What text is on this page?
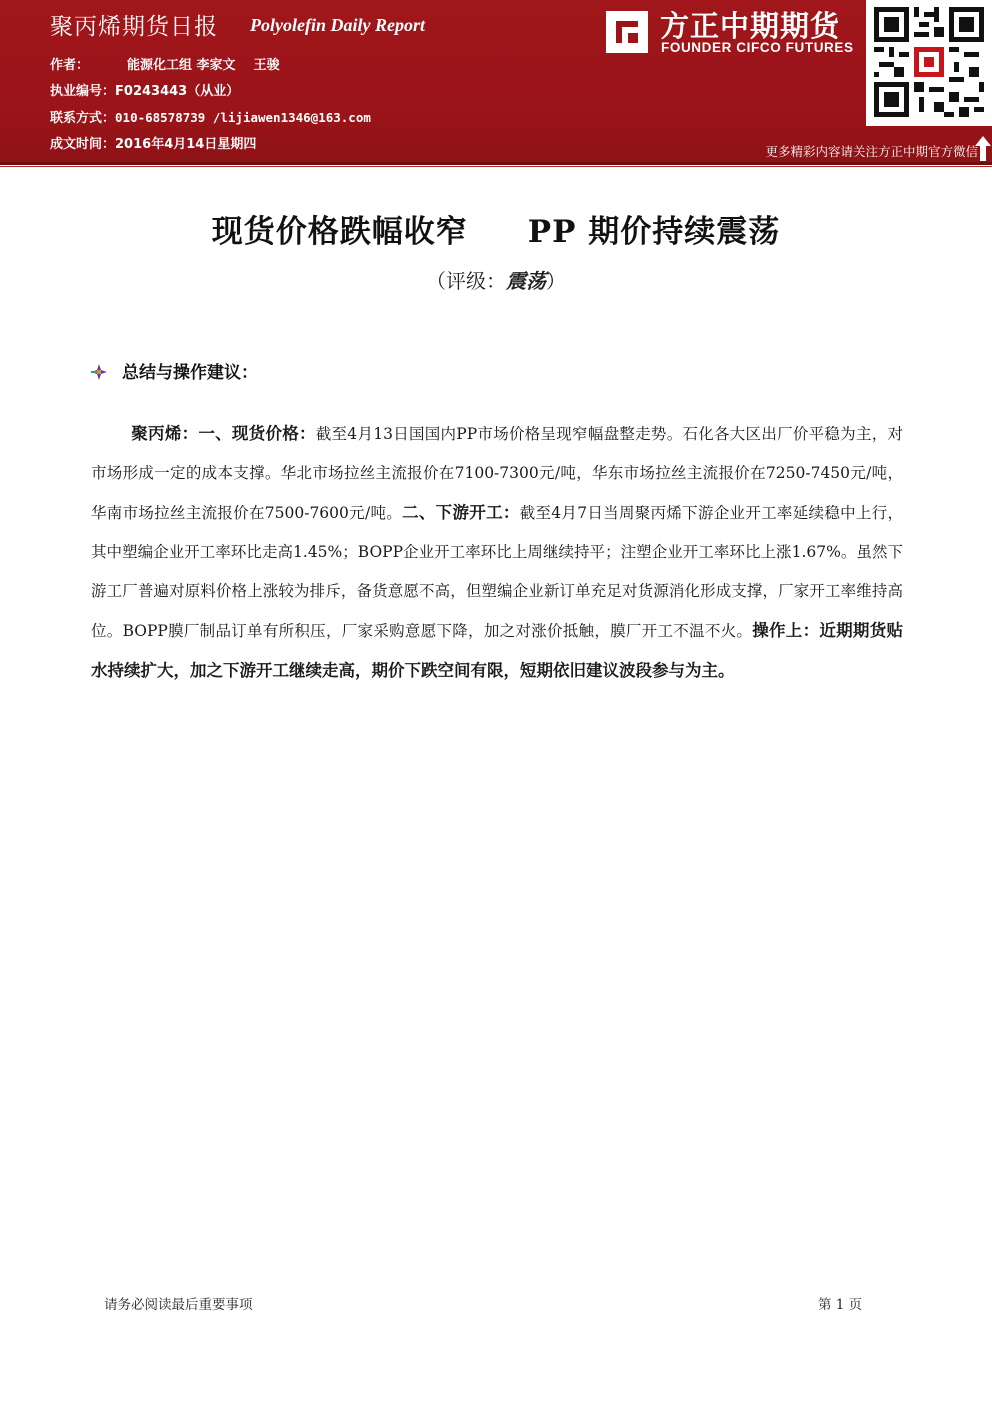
聚丙烯期货日报 Polyolefin Daily Report
作者：	能源化工组 李家文    王骏
执业编号：F0243443（从业）
联系方式：010-68578739 /lijiawen1346@163.com
成文时间：2016年4月14日星期四
方正中期期货
FOUNDER CIFCO FUTURES
更多精彩内容请关注方正中期官方微信
现货价格跌幅收窄 PP 期价持续震荡
（评级：震荡）
总结与操作建议：
聚丙烯：一、现货价格：截至4月13日国国内PP市场价格呈现窄幅盘整走势。石化各大区出厂价平稳为主，对市场形成一定的成本支撑。华北市场拉丝主流报价在7100-7300元/吨，华东市场拉丝主流报价在7250-7450元/吨，华南市场拉丝主流报价在7500-7600元/吨。二、下游开工：截至4月7日当周聚丙烯下游企业开工率延续稳中上行，其中塑编企业开工率环比走高1.45%；BOPP企业开工率环比上周继续持平；注塑企业开工率环比上涨1.67%。虽然下游工厂普遍对原料价格上涨较为排斥，备货意愿不高，但塑编企业新订单充足对货源消化形成支撑，厂家开工率维持高位。BOPP膜厂制品订单有所积压，厂家采购意愿下降，加之对涨价抵触，膜厂开工不温不火。操作上：近期期货贴水持续扩大，加之下游开工继续走高，期价下跌空间有限，短期依旧建议波段参与为主。
请务必阅读最后重要事项	第 1 页
